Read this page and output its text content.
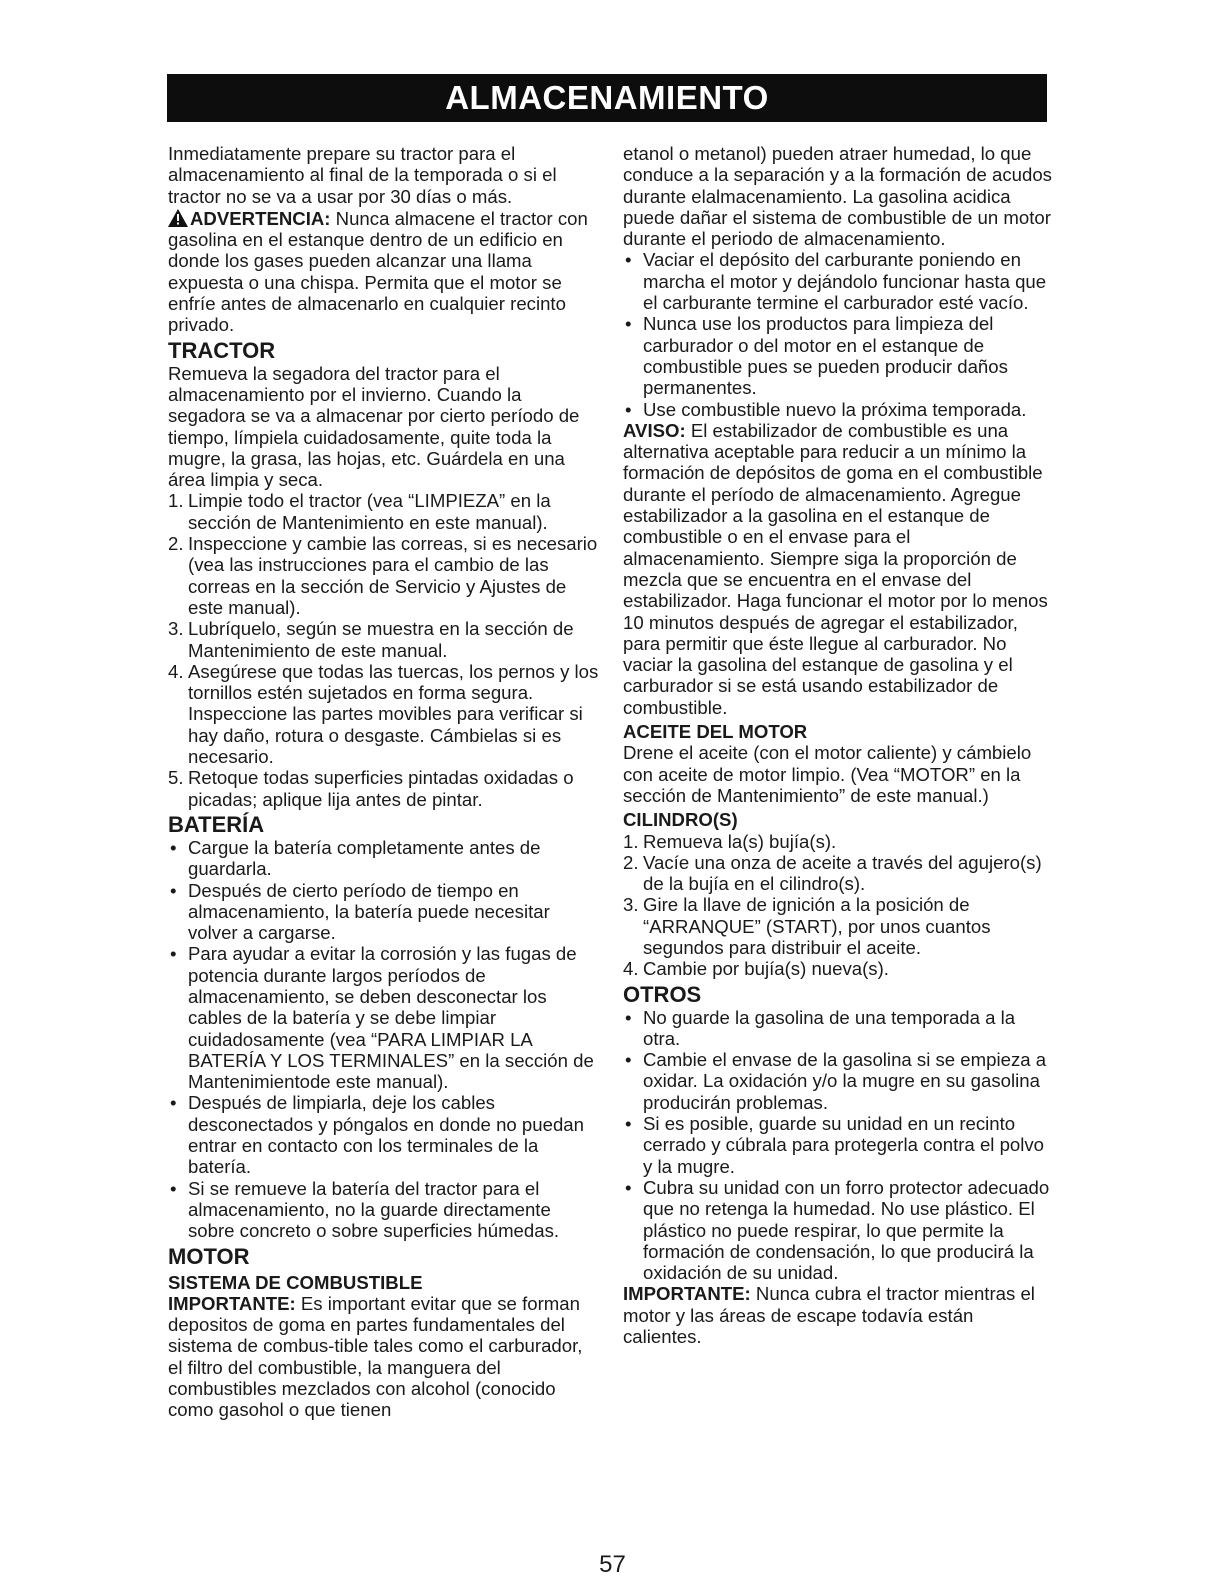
ALMACENAMIENTO

Inmediatamente prepare su tractor para el almacenamiento al final de la temporada o si el tractor no se va a usar por 30 días o más.

ADVERTENCIA: Nunca almacene el tractor con gasolina en el estanque dentro de un edificio en donde los gases pueden alcanzar una llama expuesta o una chispa. Permita que el motor se enfríe antes de almacenarlo en cualquier recinto privado.

TRACTOR

Remueva la segadora del tractor para el almacenamiento por el invierno. Cuando la segadora se va a almacenar por cierto período de tiempo, límpiela cuidadosamente, quite toda la mugre, la grasa, las hojas, etc. Guárdela en una área limpia y seca.

1. Limpie todo el tractor (vea “LIMPIEZA” en la sección de Mantenimiento en este manual).
2. Inspeccione y cambie las correas, si es necesario (vea las instrucciones para el cambio de las correas en la sección de Servicio y Ajustes de este manual).
3. Lubríquelo, según se muestra en la sección de Mantenimiento de este manual.
4. Asegúrese que todas las tuercas, los pernos y los tornillos estén sujetados en forma segura. Inspeccione las partes movibles para verificar si hay daño, rotura o desgaste. Cámbielas si es necesario.
5. Retoque todas superficies pintadas oxidadas o picadas; aplique lija antes de pintar.
BATERÍA
• Cargue la batería completamente antes de guardarla.
• Después de cierto período de tiempo en almacenamiento, la batería puede necesitar volver a cargarse.
• Para ayudar a evitar la corrosión y las fugas de potencia durante largos períodos de almacenamiento, se deben desconectar los cables de la batería y se debe limpiar cuidadosamente (vea “PARA LIMPIAR LA BATERÍA Y LOS TERMINALES” en la sección de Mantenimientode este manual).
• Después de limpiarla, deje los cables desconectados y póngalos en donde no puedan entrar en contacto con los terminales de la batería.
• Si se remueve la batería del tractor para el almacenamiento, no la guarde directamente sobre concreto o sobre superficies húmedas.
MOTOR
SISTEMA DE COMBUSTIBLE

IMPORTANTE: Es important evitar que se forman depositos de goma en partes fundamentales del sistema de combus-tible tales como el carburador, el filtro del combustible, la manguera del combustibles mezclados con alcohol (conocido como gasohol o que tienen

etanol o metanol) pueden atraer humedad, lo que conduce a la separación y a la formación de acudos durante elalmacenamiento. La gasolina acidica puede dañar el sistema de combustible de un motor durante el periodo de almacenamiento.

• Vaciar el depósito del carburante poniendo en marcha el motor y dejándolo funcionar hasta que el carburante termine el carburador esté vacío.
• Nunca use los productos para limpieza del carburador o del motor en el estanque de combustible pues se pueden producir daños permanentes.
• Use combustible nuevo la próxima temporada.

AVISO: El estabilizador de combustible es una alternativa aceptable para reducir a un mínimo la formación de depósitos de goma en el combustible durante el período de almacenamiento. Agregue estabilizador a la gasolina en el estanque de combustible o en el envase para el almacenamiento. Siempre siga la proporción de mezcla que se encuentra en el envase del estabilizador. Haga funcionar el motor por lo menos 10 minutos después de agregar el estabilizador, para permitir que éste llegue al carburador. No vaciar la gasolina del estanque de gasolina y el carburador si se está usando estabilizador de combustible.

ACEITE DEL MOTOR

Drene el aceite (con el motor caliente) y cámbielo con aceite de motor limpio. (Vea “MOTOR” en la sección de Mantenimiento” de este manual.)

CILINDRO(S)
1. Remueva la(s) bujía(s).
2. Vacíe una onza de aceite a través del agujero(s) de la bujía en el cilindro(s).
3. Gire la llave de ignición a la posición de “ARRANQUE” (START), por unos cuantos segundos para distribuir el aceite.
4. Cambie por bujía(s) nueva(s).
OTROS
• No guarde la gasolina de una temporada a la otra.
• Cambie el envase de la gasolina si se empieza a oxidar. La oxidación y/o la mugre en su gasolina producirán problemas.
• Si es posible, guarde su unidad en un recinto cerrado y cúbrala para protegerla contra el polvo y la mugre.
• Cubra su unidad con un forro protector adecuado que no retenga la humedad. No use plástico. El plástico no puede respirar, lo que permite la formación de condensación, lo que producirá la oxidación de su unidad.

IMPORTANTE: Nunca cubra el tractor mientras el motor y las áreas de escape todavía están calientes.

57
